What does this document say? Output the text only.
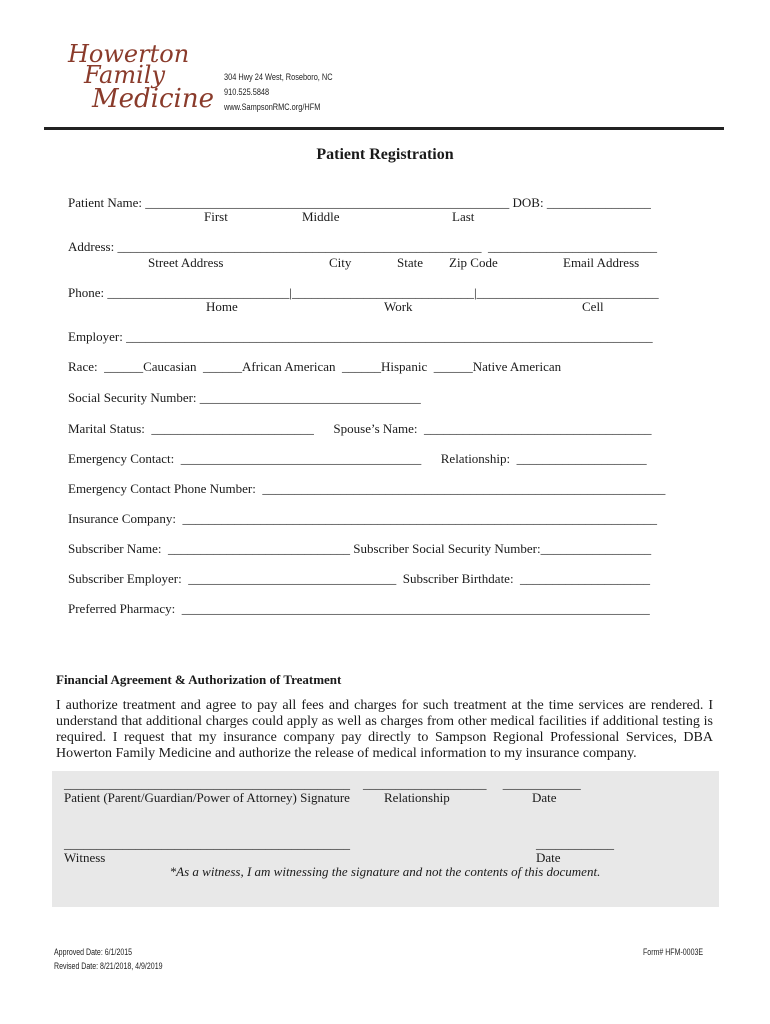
Howerton
Family
Medicine
304 Hwy 24 West, Roseboro, NC
910.525.5848
www.SampsonRMC.org/HFM
Patient Registration
Patient Name: ________________________________________________________ DOB: ________________
First	Middle	Last
Address: ________________________________________________________  __________________________
Street Address	City	State Zip Code	Email Address
Phone: ____________________________|____________________________|____________________________
Home	Work	Cell
Employer: _________________________________________________________________________________
Race:  ______Caucasian  ______African American  ______Hispanic  ______Native American
Social Security Number: __________________________________
Marital Status:  _________________________      Spouse’s Name:  ___________________________________
Emergency Contact:  _____________________________________      Relationship:  ____________________
Emergency Contact Phone Number:  ______________________________________________________________
Insurance Company:  _________________________________________________________________________
Subscriber Name:  ____________________________ Subscriber Social Security Number:_________________
Subscriber Employer:  ________________________________  Subscriber Birthdate:  ____________________
Preferred Pharmacy:  ________________________________________________________________________
Financial Agreement & Authorization of Treatment
I authorize treatment and agree to pay all fees and charges for such treatment at the time services are rendered. I understand that additional charges could apply as well as charges from other medical facilities if additional testing is required. I request that my insurance company pay directly to Sampson Regional Professional Services, DBA Howerton Family Medicine and authorize the release of medical information to my insurance company.
____________________________________________    ___________________     ____________
Patient (Parent/Guardian/Power of Attorney) Signature	Relationship	Date
____________________________________________	____________
Witness	Date
*As a witness, I am witnessing the signature and not the contents of this document.
Approved Date: 6/1/2015
Revised Date: 8/21/2018, 4/9/2019
Form# HFM-0003E
